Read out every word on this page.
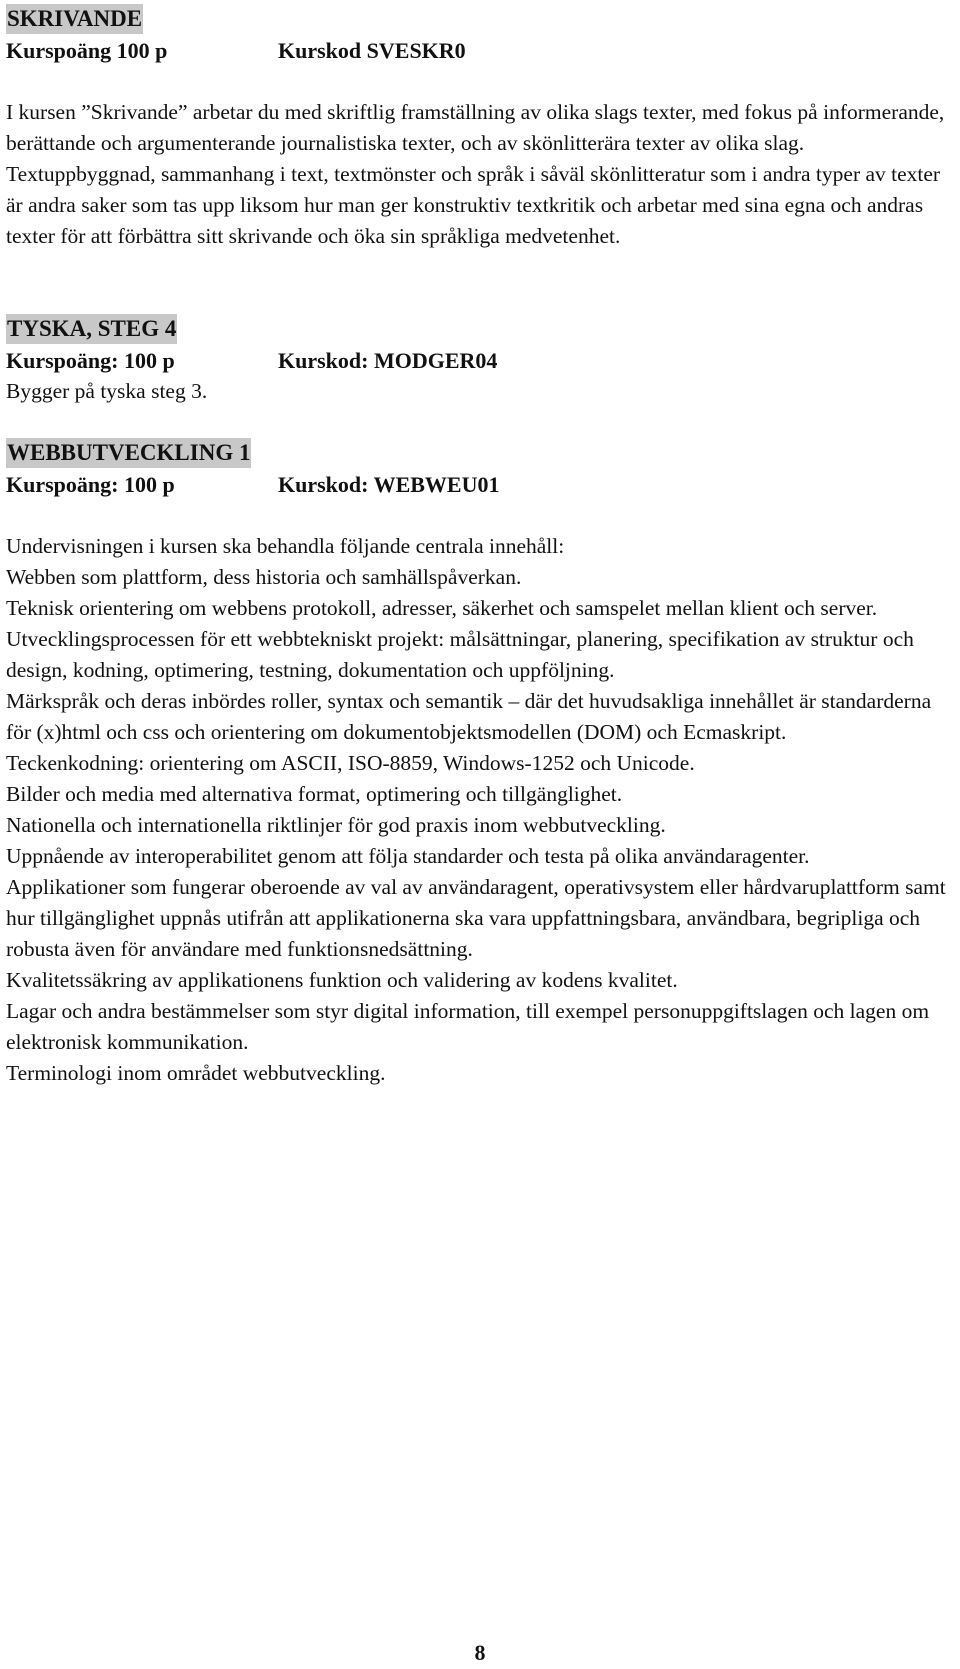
SKRIVANDE
Kurspoäng 100 p	Kurskod SVESKR0

I kursen ”Skrivande” arbetar du med skriftlig framställning av olika slags texter, med fokus på informerande, berättande och argumenterande journalistiska texter, och av skönlitterära texter av olika slag. Textuppbyggnad, sammanhang i text, textmönster och språk i såväl skönlitteratur som i andra typer av texter är andra saker som tas upp liksom hur man ger konstruktiv textkritik och arbetar med sina egna och andras texter för att förbättra sitt skrivande och öka sin språkliga medvetenhet.

TYSKA, STEG 4
Kurspoäng: 100 p	Kurskod: MODGER04

Bygger på tyska steg 3.

WEBBUTVECKLING 1
Kurspoäng: 100 p	Kurskod: WEBWEU01

Undervisningen i kursen ska behandla följande centrala innehåll:

Webben som plattform, dess historia och samhällspåverkan.

Teknisk orientering om webbens protokoll, adresser, säkerhet och samspelet mellan klient och server.

Utvecklingsprocessen för ett webbtekniskt projekt: målsättningar, planering, specifikation av struktur och design, kodning, optimering, testning, dokumentation och uppföljning.

Märkspråk och deras inbördes roller, syntax och semantik – där det huvudsakliga innehållet är standarderna för (x)html och css och orientering om dokumentobjektsmodellen (DOM) och Ecmaskript.

Teckenkodning: orientering om ASCII, ISO-8859, Windows-1252 och Unicode.

Bilder och media med alternativa format, optimering och tillgänglighet.

Nationella och internationella riktlinjer för god praxis inom webbutveckling.

Uppnående av interoperabilitet genom att följa standarder och testa på olika användaragenter.

Applikationer som fungerar oberoende av val av användaragent, operativsystem eller hårdvaruplattform samt hur tillgänglighet uppnås utifrån att applikationerna ska vara uppfattningsbara, användbara, begripliga och robusta även för användare med funktionsnedsättning.

Kvalitetssäkring av applikationens funktion och validering av kodens kvalitet.

Lagar och andra bestämmelser som styr digital information, till exempel personuppgiftslagen och lagen om elektronisk kommunikation.

Terminologi inom området webbutveckling.

8
